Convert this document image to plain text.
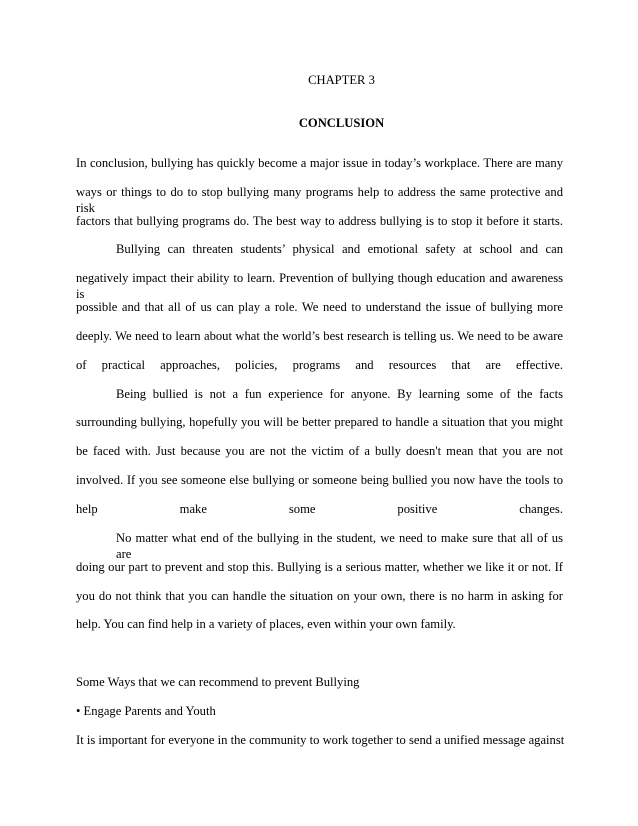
CHAPTER 3
CONCLUSION
In conclusion, bullying has quickly become a major issue in today’s workplace. There are many
ways or things to do to stop bullying many programs help to address the same protective and risk
factors that bullying programs do. The best way to address bullying is to stop it before it starts.
Bullying can threaten students’ physical and emotional safety at school and can
negatively impact their ability to learn. Prevention of bullying though education and awareness is
possible and that all of us can play a role. We need to understand the issue of bullying more
deeply. We need to learn about what the world’s best research is telling us. We need to be aware
of practical approaches, policies, programs and resources that are effective.
Being bullied is not a fun experience for anyone. By learning some of the facts
surrounding bullying, hopefully you will be better prepared to handle a situation that you might
be faced with. Just because you are not the victim of a bully doesn't mean that you are not
involved. If you see someone else bullying or someone being bullied you now have the tools to
help make some positive changes.
No matter what end of the bullying in the student, we need to make sure that all of us are
doing our part to prevent and stop this. Bullying is a serious matter, whether we like it or not. If
you do not think that you can handle the situation on your own, there is no harm in asking for
help. You can find help in a variety of places, even within your own family.
Some Ways that we can recommend to prevent Bullying
• Engage Parents and Youth
It is important for everyone in the community to work together to send a unified message against
